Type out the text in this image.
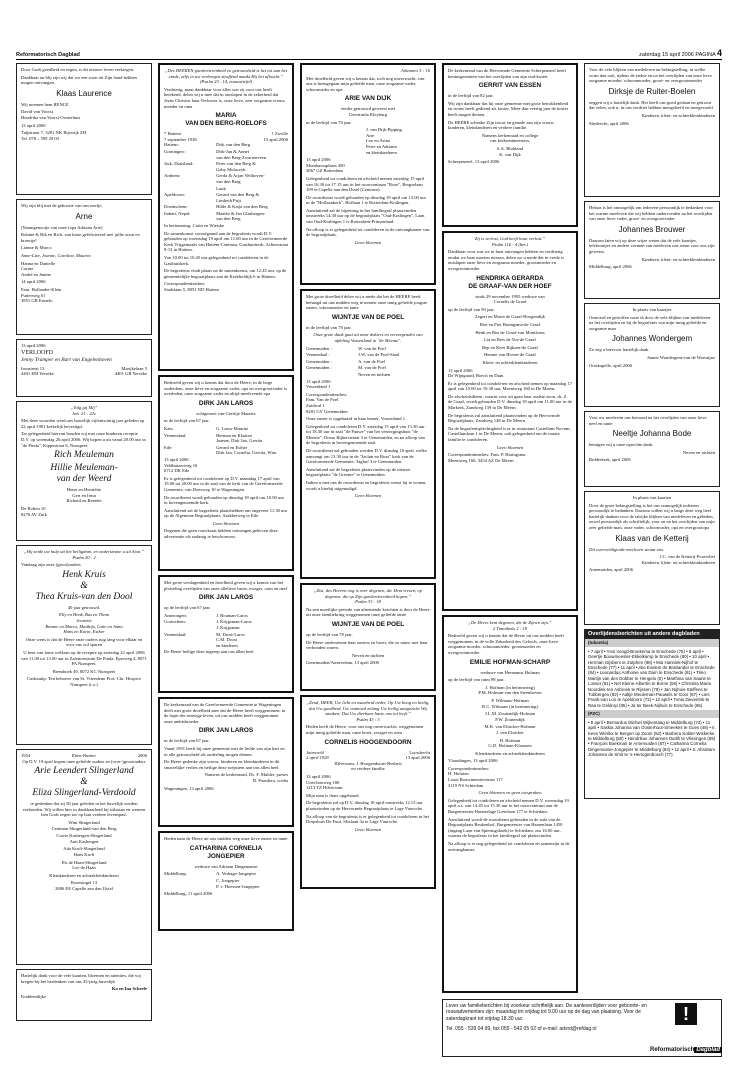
Reformatorisch Dagblad	zaterdag 15 april 2006 PAGINA 4

Door Gods goedheid en zegen, is dit nieuwe leven verkregen.

Dankbaar en blij zijn wij dat we een zoon uit Zijn hand hebben mogen ontvangen.

Klaas Laurence

Wij noemen hem RENCE

David van Voorst
Hendrika van Voorst-Oosterhuis

12 april 2006

Tulpstraat 7, 3281 NK Rijswijk ZH
Tel. 078 – 599 29 03

Wij zijn blij met de geboorte van ons neefje,

Arne

(Naamgenootje van onze (opa Adriaan Arie)

Robine & Rik en Rich, van harte gefeliciteerd met jullie zoon en broertje!

Lianne & Marco

Anne-Lize, Joanne, Caroline, Mauritz

Hanna en Danielle
Carine
André en Janine

14 april 2006

Fam. Hollander-Klein
Putterweg 61
3851 GB Ermelo

13 april 2006

VERLOOFD

Jenny Tramper en Bart van Engelenhoven

Ironstreat 13
4401 EM Yerseke
Marijkelaan 5
4401 GR Yerseke

„Volg gij Mij”
Joh. 21 : 22c

Met deze woorden werd ons huwelijk vijfentwintig jaar geleden op 22 april 1981 kerkelijk bevestigd.

Ter gelegenheid hiervan houden wij met onze kinderen receptie D.V. op woensdag 26 april 2006. Wij hopen u uit vanaf 20.00 uur in "de Pinda", Kippestraat 6, Nunspeet.

Rich Meuleman
Hillie Meuleman-
van der Weerd

Henri en Henriëtte
Gert en Irma
Richard en Renette

De Bolten 10
8276 AV Zuik

„Hij zeide uw hulp uit het heiligdom, en ondersteune u uit Sion.”
Psalm 20 : 2

Vandaag zijn onze (groot)ouders

Henk Kruis
&
Thea Kruis-van den Dool

40 jaar getrouwd.

Elly en Henk, Bas en Thom
Jeanette
Rianne en Marco, Matthijs, Lotte en Anna
Hans en Karin, Esther

Onze wens is dat de Heere onze ouders nog lang voor elkaar en voor ons wil sparen

U bent van harte welkom op de receptie op zaterdag 22 april 2006 van 11.00 tot 13.00 uur in Zalencentrum De Pinda, Eperweg 4, 8071 PA Nunspeet.

Bremhoek 49, 8072 KC Nunspeet

Cadeautip: Ten behoeve van St. Vriendenn Prot.-Chr. Hospice Nunspeet (i.o.)

1954	Eben-Haëzer	2006

Op D.V. 19 april hopen onze geliefde ouders en (over-)grootouders

Arie Leendert Slingerland
&
Eliza Slingerland-Verdoold

te gedenken dat zij 50 jaar geleden in het huwelijk werden verbonden. Wij willen hier in dankbaarheid bij stilstaan en wensen hen Gods zegen toe op hun verdere levenspad.

Wim Slingerland
Centinan Slingerland-van den Berg

Corrie Kasbergen-Slingerland
Aart Kasbergen

Ada Kroft-Slingerland
Hans Kroft

Els de Haan-Slingerland
Leo de Haan

Kleinkinderen en achterkleinkinderen

Rozesingel 13
2806 EE Capelle aan den IJssel

Hartelijk dank voor de vele kaarten, bloemen en attenties, die wij kregen bij het herdenken van ons 45-jarig huwelijk.

Ko en Ina Scheele

Krabbendijke

„Des HEEREN goedertierenheid en getrouwheid is het tot aan het einde, zelfs in uw verborgen straffend maakt Hij het afloscht.”
(Psalm 23 : 14, truncatiefel)

Verdrietig, maar dankbaar voor alles wat zij voor ons heeft betekend, delen wij u mee dat in ontslapen in de zekerheid dat Jezus Christus haar Verlosser is, onze lieve, zeer zorgzame vrouw, moeder en oma

MARIA
VAN DEN BERG-ROELOFS
* Hattem
7 september 1938
† Zwolle
13 april 2006
Hattem:	Dirk van den Berg
Groningen:	Dirk-Jan & Annet
van den Berg-Zwartenveen
Jork, Duitsland:	Peter van den Berg &
Gaby Mulaczyk
Arnhem:	Gerda & Arjan Velthoven-
van den Berg
Luuk
Apeldoorn:	Gerard van den Berg &
Liesbeth Prijt
Doetinchem:	Hilde & Katja van den Berg
Itabari, Nepal:	Maaike & Jan Glasbergen-
van den Berg

In herinnering: Carin en Wietske

De samenkomst voorafgaand aan de begrafenis wordt D.V. gehouden op woensdag 19 april om 11.00 uur in de Gereformeerde Kerk Vrijgemaakt van Hattem-Centrum, Gasthuiskerk, Achterstraat 9-13 in Hattem.

Van 10.00 tot 10.45 uur gelegenheid tot condoleren in de Gasthuiskerk.

De begrafenis vindt plaats na de samenkomst, om 12.45 uur, op de gemeentelijke begraafplaats aan de Kerkhofdijk 6 in Hattem.

Correspondentieadres:
Stadslaan 5, 8051 ND Hattem

Bedroefd geven wij u kennis dat door de Heere, in de hoge ouderdom, onze lieve en zorgzame vader, opa en overgrootvader is overleden, onze zorgzame vader en altijd meelevende opa

DIRK JAN LAROS

echtgenoot van Gerritje Mauritz

in de leeftijd van 67 jaar.

Kats:	G. Laros-Mauritz
Veenendaal:	Herman en Klazien
Joanne, Dirk Jan, Gerrita
Ede:	Gerard en Esther
Dirk Jan, Cornelia, Gerrita, Wim

13 april 2006
Veldhuizerweg 16
6712 DK Ede

Er is gelegenheid tot condoleren op D.V. maandag 17 april van 19.00 tot 20.00 uur in de zaal van de kerk van de Gereformeerde Gemeente, van Doesweg 10 te Wageningen.

De rouwdienst wordt gehouden op dinsdag 18 april om 10.00 uur in bovengenoemde kerk.

Aansluitend zal de begrafenis plaatshebben om ongeveer 11.30 uur op de Algemene Begraafplaats, Asakkerweg te Ede.

Geen bloemen

Degenen die geen rouwkaart hebben ontvangen gelieven deze advertentie als zodanig te beschouwen.

Met grote verslagenheid en droefheid geven wij u kennis van het plotseling overlijden van onze allelieve broer, zwager, oom en neef

DIRK JAN LAROS

op de leeftijd van 67 jaar.

Amerongen:	J. Bouman-Laros
Gorinchem:	J. Krijgsman-Laros
J. Krijgsman
Veenendaal:	M. Drost-Laros
C.M. Drost
en kinderen

De Heere heilige deze ingreep aan ons allen heel.

De kerkenraad van de Gereformeerde Gemeente te Wageningen deelt met grote droefheid mee dat de Heere heeft weggenomen, in de hope der eeuwige leven, uit ons midden heeft weggenomen onze ambtsbroeder

DIRK JAN LAROS

in de leeftijd van 67 jaar.

Vanaf 1991 heeft hij onze gemeente met de liefde van zijn hart en in alle getrouwheid als ouderling mogen dienen.

De Heere gedenke zijn vrouw, kinderen en kleinkinderen in dit smartelijke verlies en heilige deze roepstem aan ons allen heel.

Namens de kerkenraad, Ds. F. Mulder, preses
B. Paasdera, scriba

Wageningen, 13 april 2006

Heden nam de Heere uit ons midden weg onze lieve zuster en tante

CATHARINA CORNELIA
JONGEPIER

weduwe van Adriaan Dingemanse

Middelburg:	A. Verhage-Jongepier
C. Jongepier
P. v. Hoessen-Jongepier

Middelburg, 11 april 2006

Johannes 5 : 16

Met droefheid geven wij u kennis dat, toch nog onverwacht, van ons is heengegaan mijn geliefde man, onze zorgzame vader, schoonvader en opa

ARIE VAN DIJK

eerder getrouwd geweest met
Geertruida Kleyburg

in de leeftijd van 70 jaar.

J. van Dijk-Pipping
Arie
Leo en Arina
Peter en Adriana
en kleinkinderen

13 april 2006
Mombassaplaats 300
3067 GZ Rotterdam

Gelegenheid tot condoleren en afscheid nemen zaterdag 15 april van 16.30 tot 17.15 uur in het rouwcentrum "Rose", Bergselaan 199 te Capelle aan den IJssel (Centrum).

De rouwdienst wordt gehouden op dinsdag 18 april om 13.00 uur in de "Hoflaankerk", Hoflaan 1 te Rotterdam-Kralingen.

Aansluitend zal de bijzetting in het familiegraf plaatsvinden omstreeks 14.30 uur op de begraafplaats "Oud-Kralingen", Laan van Oud-Kralingen 1 te Rotterdam-Prinsenland.

Na afloop is er gelegenheid tot condoleren in de ontvangkamer van de begraafplaats.

Geen bloemen

Met grote droefheid delen wij u mede dat het de HEERE heeft behaagd uit ons midden weg te nemen onze innig geliefde jongste zuster, schoonzuster en tante

WIJNTJE VAN DE POEL

in de leeftijd van 78 jaar.

Onze grote dank gaat uit naar dokters en verzorgenden van afdeling Vossenland in "de Meente".

Genemuiden :	W. van de Poel
Veenendaal :	J.W. van de Poel-Staal
Genemuiden :	A. van de Poel
Genemuiden :	M. van de Poel
Neven en nichten

13 april 2006
Vossenland 1

Correspondentieadres:
Fam. Van de Poel
Zuidwal 1
8281 GV Genemuiden

Onze zuster is opgebaard in haar kamer, Vossenland 1.

Gelegenheid tot condoleren D.V. zaterdag 15 april van 13.30 uur tot 18.30 uur in zaal "de Pauwe" van het verzorgingshuis "de Meente", Dorus Rijkersstraat 3 te Genemuiden, en na afloop van de begrafenis in bovengenoemde zaal.

De rouwdienst zal gehouden worden D.V. dinsdag 18 april, welke aanvangt om 13.30 uur in de "Jachin en Boas" kerk van de Gereformeerde Gemeente, Taghof 3 te Genemuiden.

Aansluitend zal de begrafenis plaatsvinden op de nieuwe begraafplaats "de Greente" te Genemuiden.

Indien u met ons de rouwdienst en begrafenis wenst bij te wonen, wordt u hierbij uitgenodigd.

Geen bloemen

„Zist, des Heeren oog is over degenen, die Hem vrezen, op degenen, die op Zijn goedertierenheid hopen.”
Psalm 33 : 18

Na een moeilijke periode van afnemende krachten is door de Heere uit onze familiekring weggenomen onze geliefde tante

WIJNTJE VAN DE POEL

op de leeftijd van 78 jaar.

De Heere ondersteune haar zusters en broer, die zo nauw met haar verbonden waren.

Neven en nichten

Genemuiden/Amsterdam, 13 april 2006

„Zend, HEER, Uw licht en waarheid neder, Op Uw hoog en heilig, dat Uw goedheid, Uw ootmoed zolang Uw heilig aangezicht Wij smaken; Dat Uw dierbaar harte ons tot leeft.”
Psalm 43 : 3

Heden heeft de Heere, voor ons nog onverwachts, weggenomen mijn innig geliefde man, onze broer, zwager en oom

CORNELIS HOOGENDOORN
Jaarsveld
2 april 1929
Loosdrecht
13 april 2006

Hilversum: J. Hoogendoorn-Bosheis
en verdere familie

13 april 2006
Utrechtseweg 180
1213 TZ Hilversum

Mijn man is thuis opgebaard.

De begrafenis zal op D.V. dinsdag 18 april omstreeks 12.15 uur plaatsvinden op de Hervormde Begraafplaats te Lage Vuursche.

Na afloop van de begrafenis is er gelegenheid tot condoleren in het Dorpshuis De Fuut, Slotlaan 3a te Lage Vuursche.

Geen bloemen

De kerkenraad van de Hervormde Gemeente Scherpenzeel heeft kennisgenomen van het overlijden van zijn oud-koster

GERRIT VAN ESSEN

in de leeftijd van 82 jaar.

Wij zijn dankbaar dat hij onze gemeente met grote betrokkenheid en trouw heeft gediend als koster. Meer dan veertig jaar de koster heeft mogen dienen.

De HEERE schenke Zijn troost en genade aan zijn vrouw, kinderen, kleinkinderen en verdere familie.

Namens kerkenraad en college
van kerkrentmeesters,

S.A. Blokland
K. van Dijk

Scherpenzeel, 13 april 2006

Zij is verlost, God heeft haar verlost.”
Psalm 116 : 4 (ber.)

Dankbaar voor wat we in haar ontvangen hebben en verdrietig omdat we haar moeten missen, delen we u mede dat in vrede is ontslapen onze lieve en zorgzame moeder, grootmoeder en overgrootmoeder

HENDRIKA GERARDA
DE GRAAF-VAN DER HOEF

sinds 29 november 1995 weduwe van
Cornelis de Graaf

op de leeftijd van 90 jaar.

Zegert en Maria de Graaf-Hoogendijk

Riet en Piet Haringsma-de Graaf

Henk en Bea de Graaf-van Montfrans

Lia en Ries de Vos-de Graaf

Rep en Kees Rijksen-de Graaf

Hennie van Hoven-de Graaf

Klein- en achterkleinkinderen

13 april 2006
De Wijngaard, Boech en Duin

Er is gelegenheid tot condoleren en afscheid nemen op maandag 17 april van 19.00 tot 19.30 uur, Meentweg 160 in De Meern.

De afscheidsdienst, waarin voor uit gaan haar oudste zoon, ds. Z. de Graaf, wordt gehouden D.V. dinsdag 18 april om 11.00 uur in de Markerk, Zandweg 139 in De Meern.

De begrafenis zal aansluitend plaatsvinden op de Hervormde Begraafplaats, Zandweg 148 in De Meern.

Na de begrafenisplechtigheid is er in restaurant Castellum Novum, Castellumlaan 1 in De Meern, ook gelegenheid om de naaste familie te condoleren.

Geen bloemen

Correspondentieadres: Fam. P. Haringsma
Meentweg 160, 3454 AZ De Meern

„De Heere kent degenen, die de Zijnen zijn.”
2 Timotheüs 2 : 19

Bedroefd geven wij u kennis dat de Heere uit ons midden heeft weggenomen, in de volle Zekerheid des Geloofs, onze lieve zorgzame moeder, schoonmoeder, grootmoeder en overgrootmoeder

EMILIE HOFMAN-SCHARP

weduwe van Hermanus Hofman

op de leeftijd van ruim 98 jaar.

J. Hofman (in herinnering)
P.M. Hofman-van den Steenhoven

P. Wilmans-Hofman
R.C. Wilmans (in herinnering)

J.L.M. Zoutendijk-Hofman
P.W. Zoutendijk

M.K. van Elsäcker-Hofman
J. van Elsäcker

H. Hofman
G.D. Hofman-Klaassen

Kleinkinderen en achterkleinkinderen

Vlaardingen, 13 april 2006

Correspondentieadres:
H. Hofman
Louis Bouwmeesterstraat 117
3119 NS Schiedam

Geen bloemen en geen toespraken

Gelegenheid tot condoleren en afscheid nemen D.V. woensdag 19 april a.s. van 14.45 tot 15.30 uur in het rouwcentrum aan de Burgemeester Honnerlage Gretelaan 177 te Schiedam.

Aansluitend wordt de rouwdienst gehouden in de aula van de Begraafplaats Beukenhof, Burgemeester van Haarenlaan 1450 (ingang Laan van Spieringshoek) te Schiedam, om 16.00 uur, waarna de begrafenis in het familiegraf zal plaatsvinden.

Na afloop is er nog gelegenheid tot condoleren en samenzijn in de ontvangkamer.

Voor de vele blijken van medeleven en belangstelling, in welke vorm dan ook, tijdens de ziekte en na het overlijden van onze lieve zorgzame moeder, schoonmoeder, groot- en overgrootmoeder

Dirksje de Ruiter-Boelen

zeggen wij u hartelijk dank. Het heeft ons goed gedaan en getroost dat velen, ook u, in ons verdriet hebben meegeleefd en meegevoeld.

Kinderen, klein- en achterkleinkinderen

Sliedrecht, april 2006

Helaas is het onmogelijk om iedereen persoonlijk te bedanken voor het warme meeleven dat wij hebben ondervonden na het overlijden van onze lieve vader, groot- en overgrootvader

Johannes Brouwer

Daarom laten wij op deze wijze weten dat de vele kaartjes, telefoontjes en andere vormen van meeleven ons steun voor ons zijn geweest.

Kinderen, klein- en achterkleinkinderen

Middelburg, april 2006

In plaats van kaartjes

Ontroerd en getroffen waar ik door de vele blijken van medeleven na het overlijden en bij de begrafenis van mijn innig geliefde en zorgzame man

Johannes Wondergem

Zo zeg u hiervoor hartelijk dank.

Jannie Wondergem-van de Woestijne

Oostkapelle, april 2006

Voor uw meeleven ons betoond na het overlijden van onze lieve neef en tante

Neeltje Johanna Bode

betuigen wij u onze oprechte dank.

Neven en nichten

Ridderkerk, april 2006

In plaats van kaarten

Door de grote belangstelling is het ons onmogelijk iedereen persoonlijk te bedanken. Daarom willen wij u langs deze weg heel hartelijk danken voor de talrijke blijken van medeleven en gebeden, zowel persoonlijk als schriftelijk, voor en na het overlijden van mijn zeer geliefde man, onze vader, schoonvader, opa en overgrootopa

Klaas van de Ketterij

Dit overweldigende meeleven steunt ons.

J.C. van de Ketterij-Poortvliet
Kinderen, klein- en achterkleinkinderen

Arnemuiden, april 2006

Overlijdensberichten uit andere dagbladen
(tubantia)
• 7 april • Ynsi Voogd-Broekema te Enschede (75) • 8 april • Geertje Bouwmeester-Ekkelkamp te Enschede (80) • 10 april • Herman Gijsbers te Zutphen (88) • Mia Hannink-Nijhof te Enschede (77) • 11 april • Alie Evelein de Brabander te Enschede (84) • Leonardus Anthonie van Dam te Enschede (81) • Timo Martijn van den Dobber te Hengelo (0) • Marthina van Saane te Losser (91) • Nel Kleine-Albertin te Borne (55) • Christina Maria Noordink-ten Asbroek te Rijssen (79) • Jan Nijhuis-Steffens te Tubbergen (82) • Aaltje Meuleman-Pauwels te Goor (87) • Lies Frank-van Loo te Apeldoorn (72) • 12 april • Tonia Zievertink-te Raa te Geldrop (85) • Ja ter Beek-Nijhuis te Enschede (86)
(PZC)
• 8 april • Bernardus Michiel Wijkentaag te Middelburg (73) • 11 april • Saskia Johanna van Oosterhout-Smeekes te Goes (48) • Ir. Kees Wierikx te Bergen op Zoom (52) • Barbera Sobler-Wiskerke te Middelburg (80) • Hendrikus Johannes Dutilh te Vlissingen (85) • François Boekman te Arnemuiden (87) • Catharina Cornelia Dingemanse-Jongepier te Middelburg (84) • 12 april • Ir. Abraham Johannes de Smit te 's-Hertogenbosch (77)

Lever uw familieberichten bij voorkeur schriftelijk aan. De aanleverdijden voor geboorte- en rouwadvertenties zijn: maandag tm vrijdag tot 9.00 uur op de dag van plaatsing. Voor de zaterdagkrant tot vrijdag 18.30 uur.

Tel. 055 - 539 04 99, fax 055 - 542 05 02 of e-mail: advrd@refdag.nl

!
Reformatorisch Dagblad
